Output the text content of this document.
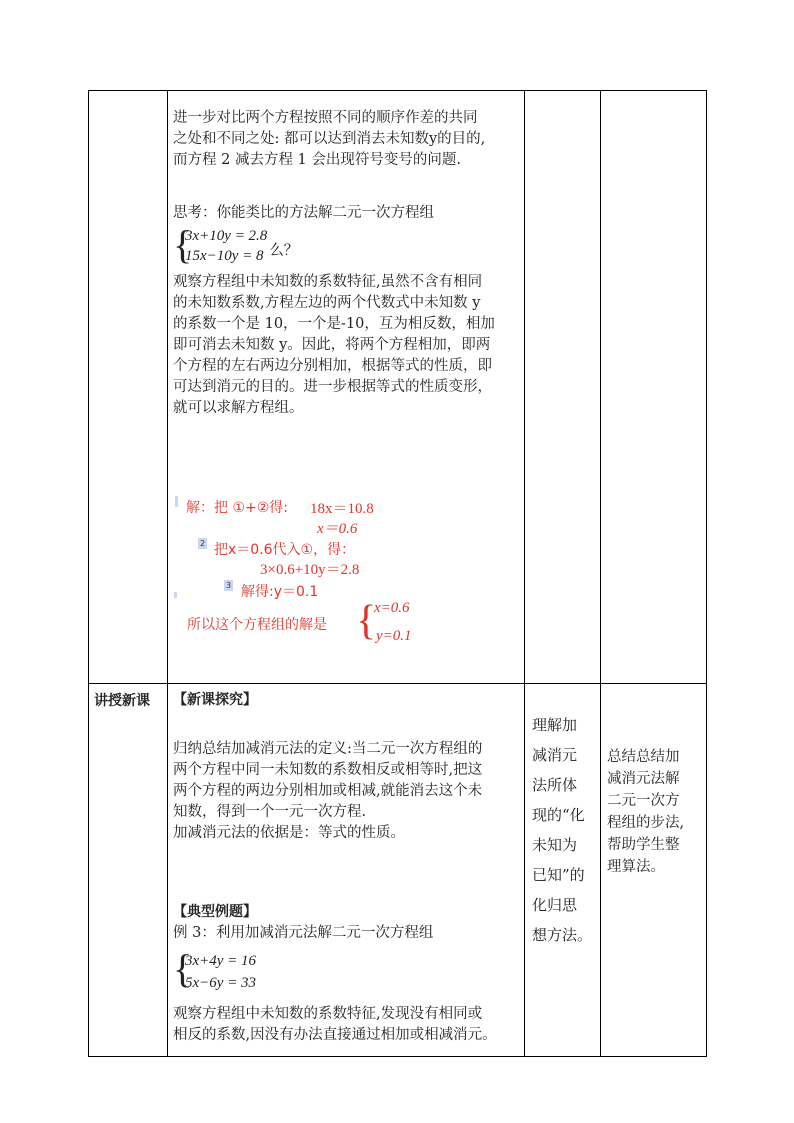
进一步对比两个方程按照不同的顺序作差的共同

之处和不同之处: 都可以达到消去未知数y的目的,

而方程 2 减去方程 1 会出现符号变号的问题.

思考：你能类比的方法解二元一次方程组

{
3x+10y = 2.8
15x−10y = 8 么？

观察方程组中未知数的系数特征,虽然不含有相同

的未知数系数,方程左边的两个代数式中未知数 y

的系数一个是 10，一个是-10，互为相反数，相加

即可消去未知数 y。因此，将两个方程相加，即两

个方程的左右两边分别相加，根据等式的性质，即

可达到消元的目的。进一步根据等式的性质变形，

就可以求解方程组。

解：把 ①+②得: 18x＝10.8
x＝0.6
2 把x＝0.6代入①，得：
3×0.6+10y＝2.8
3 解得:y＝0.1
所以这个方程组的解是 {
x=0.6
y=0.1
讲授新课 【新课探究】

归纳总结加减消元法的定义:当二元一次方程组的

两个方程中同一未知数的系数相反或相等时,把这

两个方程的两边分别相加或相减,就能消去这个未

知数，得到一个一元一次方程.

加减消元法的依据是：等式的性质。

【典型例题】

例 3：利用加减消元法解二元一次方程组

{
3x+4y = 16
5x−6y = 33

观察方程组中未知数的系数特征,发现没有相同或

相反的系数,因没有办法直接通过相加或相减消元。

理解加
减消元
法所体
现的“化
未知为
已知”的
化归思
想方法。
总结总结加
减消元法解
二元一次方
程组的步法,
帮助学生整
理算法。
